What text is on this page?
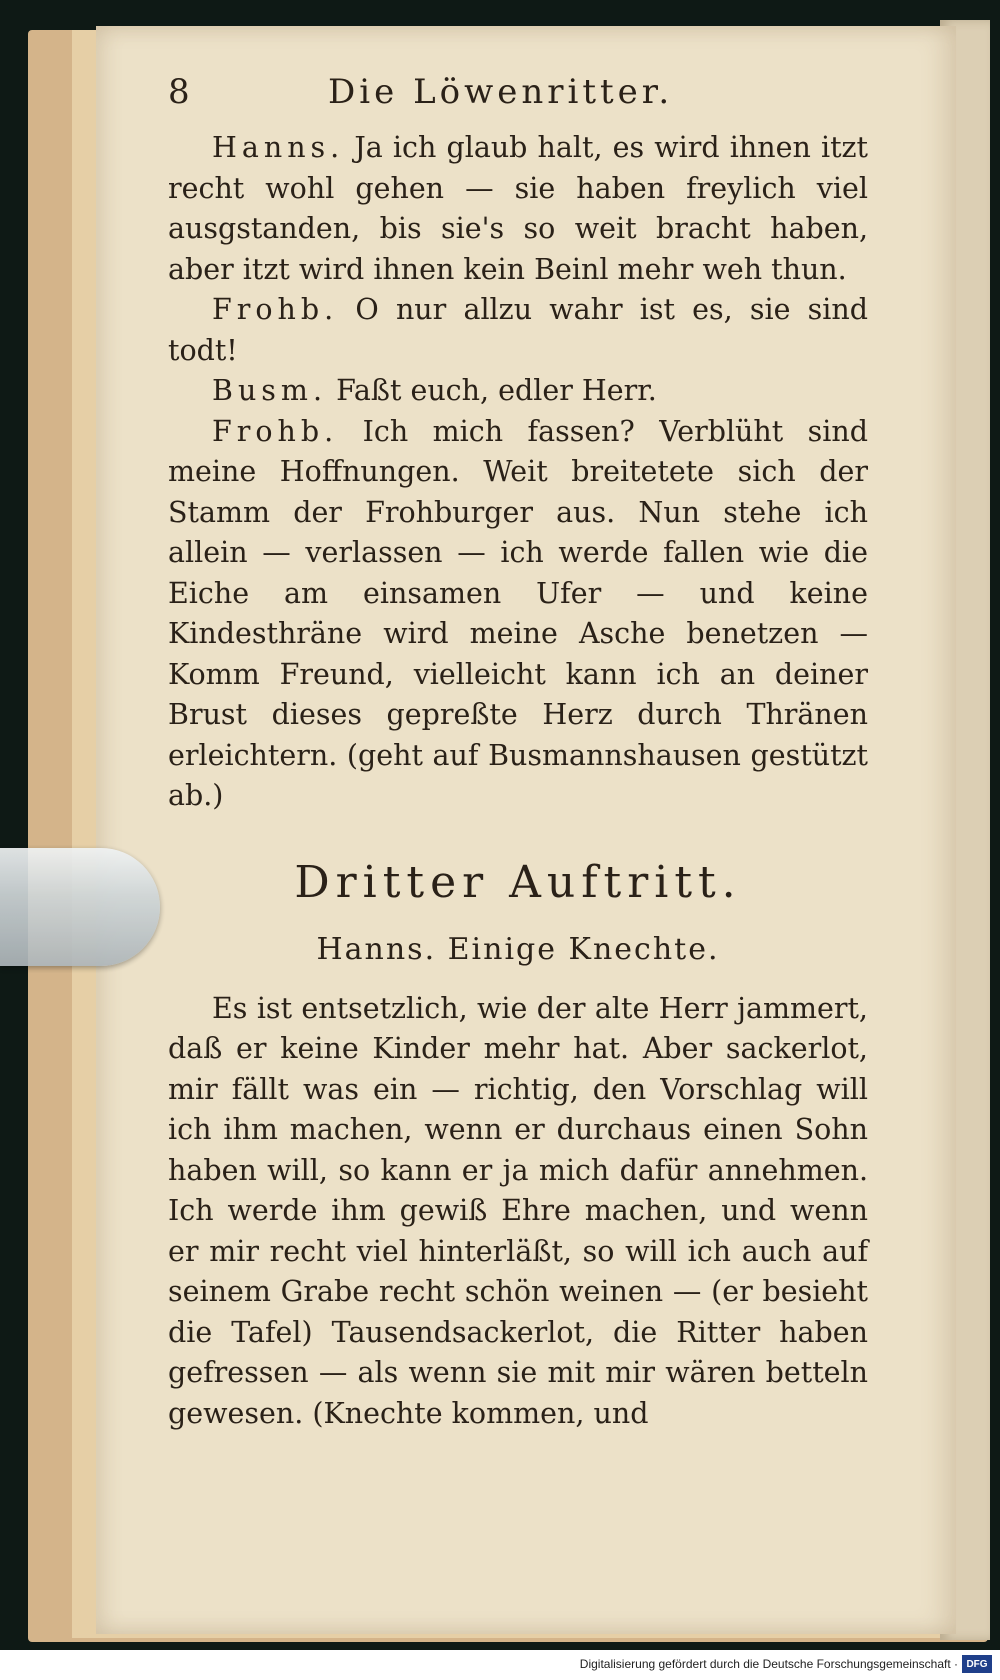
8	Die Löwenritter.

Hanns. Ja ich glaub halt, es wird ihnen itzt recht wohl gehen — sie haben freylich viel ausgstanden, bis sie's so weit bracht haben, aber itzt wird ihnen kein Beinl mehr weh thun.

Frohb. O nur allzu wahr ist es, sie sind todt!

Busm. Faßt euch, edler Herr.

Frohb. Ich mich fassen? Verblüht sind meine Hoffnungen. Weit breitetete sich der Stamm der Frohburger aus. Nun stehe ich allein — verlassen — ich werde fallen wie die Eiche am einsamen Ufer — und keine Kindesthräne wird meine Asche benetzen — Komm Freund, vielleicht kann ich an deiner Brust dieses gepreßte Herz durch Thränen erleichtern. (geht auf Busmannshausen gestützt ab.)

Dritter Auftritt.
Hanns. Einige Knechte.

Es ist entsetzlich, wie der alte Herr jammert, daß er keine Kinder mehr hat. Aber sackerlot, mir fällt was ein — richtig, den Vorschlag will ich ihm machen, wenn er durchaus einen Sohn haben will, so kann er ja mich dafür annehmen. Ich werde ihm gewiß Ehre machen, und wenn er mir recht viel hinterläßt, so will ich auch auf seinem Grabe recht schön weinen — (er besieht die Tafel) Tausendsackerlot, die Ritter haben gefressen — als wenn sie mit mir wären betteln gewesen. (Knechte kommen, und

Digitalisierung gefördert durch die Deutsche Forschungsgemeinschaft · DFG
